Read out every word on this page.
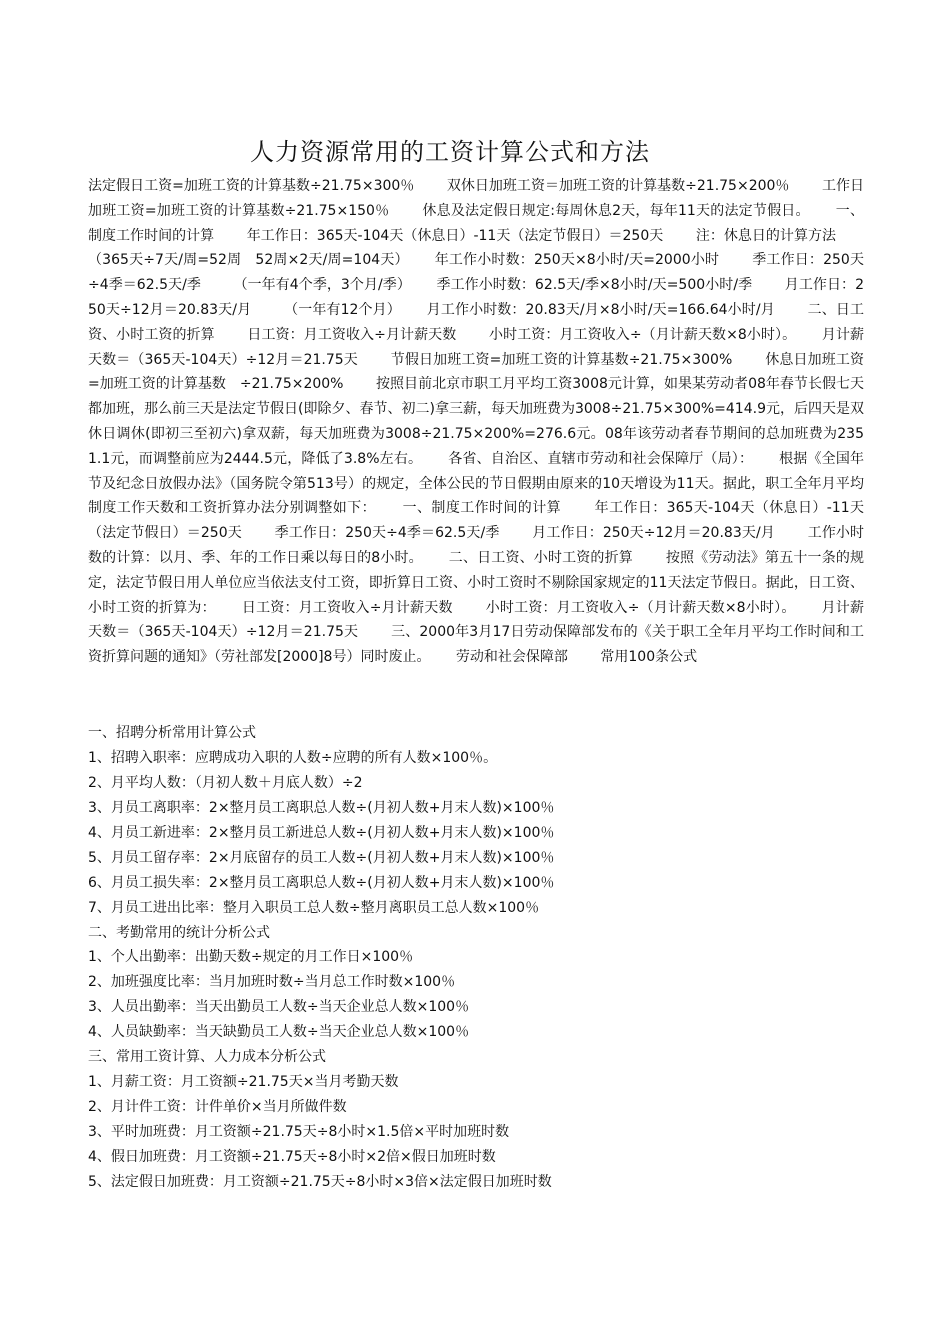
人力资源常用的工资计算公式和方法

法定假日工资=加班工资的计算基数÷21.75×300％　　 双休日加班工资＝加班工资的计算基数÷21.75×200％　　 工作日加班工资=加班工资的计算基数÷21.75×150％　　 休息及法定假日规定:每周休息2天，每年11天的法定节假日。　　 一、制度工作时间的计算　　 年工作日：365天-104天（休息日）-11天（法定节假日）＝250天　　 注：休息日的计算方法　　 （365天÷7天/周=52周　52周×2天/周=104天）　　 年工作小时数：250天×8小时/天=2000小时　　 季工作日：250天÷4季＝62.5天/季　　 （一年有4个季，3个月/季）　　 季工作小时数：62.5天/季×8小时/天=500小时/季　　 月工作日：250天÷12月＝20.83天/月　　 （一年有12个月）　　 月工作小时数：20.83天/月×8小时/天=166.64小时/月　　 二、日工资、小时工资的折算　　 日工资：月工资收入÷月计薪天数　　 小时工资：月工资收入÷（月计薪天数×8小时）。　　 月计薪天数＝（365天-104天）÷12月＝21.75天　　 节假日加班工资=加班工资的计算基数÷21.75×300%　　 休息日加班工资=加班工资的计算基数　÷21.75×200%　　 按照目前北京市职工月平均工资3008元计算，如果某劳动者08年春节长假七天都加班，那么前三天是法定节假日(即除夕、春节、初二)拿三薪，每天加班费为3008÷21.75×300%=414.9元，后四天是双休日调休(即初三至初六)拿双薪，每天加班费为3008÷21.75×200%=276.6元。08年该劳动者春节期间的总加班费为2351.1元，而调整前应为2444.5元，降低了3.8%左右。　　 各省、自治区、直辖市劳动和社会保障厅（局）：　　 根据《全国年节及纪念日放假办法》（国务院令第513号）的规定，全体公民的节日假期由原来的10天增设为11天。据此，职工全年月平均制度工作天数和工资折算办法分别调整如下：　　 一、制度工作时间的计算　　 年工作日：365天-104天（休息日）-11天（法定节假日）＝250天　　 季工作日：250天÷4季＝62.5天/季　　 月工作日：250天÷12月＝20.83天/月　　 工作小时数的计算：以月、季、年的工作日乘以每日的8小时。　　 二、日工资、小时工资的折算　　 按照《劳动法》第五十一条的规定，法定节假日用人单位应当依法支付工资，即折算日工资、小时工资时不剔除国家规定的11天法定节假日。据此，日工资、小时工资的折算为：　　 日工资：月工资收入÷月计薪天数　　 小时工资：月工资收入÷（月计薪天数×8小时）。　　 月计薪天数＝（365天-104天）÷12月＝21.75天　　 三、2000年3月17日劳动保障部发布的《关于职工全年月平均工作时间和工资折算问题的通知》（劳社部发[2000]8号）同时废止。　　 劳动和社会保障部　　 常用100条公式

一、招聘分析常用计算公式
1、招聘入职率：应聘成功入职的人数÷应聘的所有人数×100％。
2、月平均人数：（月初人数＋月底人数）÷2
3、月员工离职率：2×整月员工离职总人数÷(月初人数+月末人数)×100％
4、月员工新进率：2×整月员工新进总人数÷(月初人数+月末人数)×100％
5、月员工留存率：2×月底留存的员工人数÷(月初人数+月末人数)×100％
6、月员工损失率：2×整月员工离职总人数÷(月初人数+月末人数)×100％
7、月员工进出比率：整月入职员工总人数÷整月离职员工总人数×100％
二、考勤常用的统计分析公式
1、个人出勤率：出勤天数÷规定的月工作日×100％
2、加班强度比率：当月加班时数÷当月总工作时数×100％
3、人员出勤率：当天出勤员工人数÷当天企业总人数×100％
4、人员缺勤率：当天缺勤员工人数÷当天企业总人数×100％
三、常用工资计算、人力成本分析公式
1、月薪工资：月工资额÷21.75天×当月考勤天数
2、月计件工资：计件单价×当月所做件数
3、平时加班费：月工资额÷21.75天÷8小时×1.5倍×平时加班时数
4、假日加班费：月工资额÷21.75天÷8小时×2倍×假日加班时数
5、法定假日加班费：月工资额÷21.75天÷8小时×3倍×法定假日加班时数
